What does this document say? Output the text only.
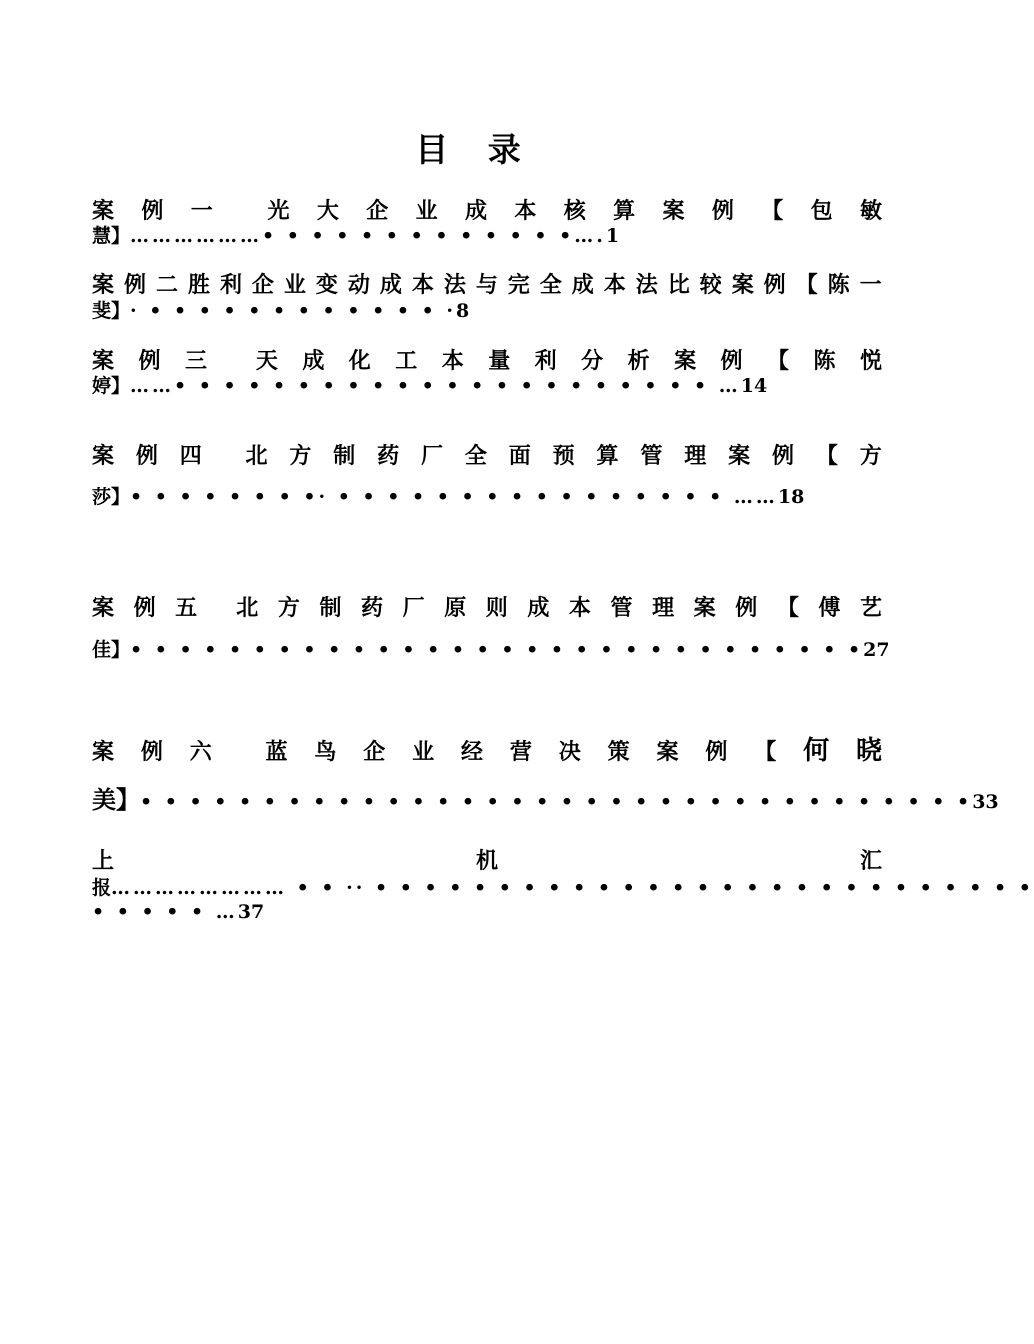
目 录
案 例 一 光 大 企 业 成 本 核 算 案 例 【 包 敏
慧】 ………………• • • • • • • • • • • • •…. 1
案 例 二 胜 利 企 业 变 动 成 本 法 与 完 全 成 本 法 比 较 案 例 【 陈 一
斐】 · • • • • • • • • • • • • · 8
案 例 三 天 成 化 工 本 量 利 分 析 案 例 【 陈 悦
婷】 ……• • • • • • • • • • • • • • • • • • • • • • … 14
案 例 四 北 方 制 药 厂 全 面 预 算 管 理 案 例 【 方
莎】 • • • • • • • •· • • • • • • • • • • • • • • • • …… 18
案 例 五 北 方 制 药 厂 原 则 成 本 管 理 案 例 【 傅 艺
佳】 • • • • • • • • • • • • • • • • • • • • • • • • • • • • • • 27
案 例 六 蓝 鸟 企 业 经 营 决 策 案 例 【 何 晓
美】 • • • • • • • • • • • • • • • • • • • • • • • • • • • • • • • • • • 33
上	机	汇
报 …………………… • • ·· • • • • • • • • • • • • • • • • • • • • • • • • • • •
• • • • • … 37
